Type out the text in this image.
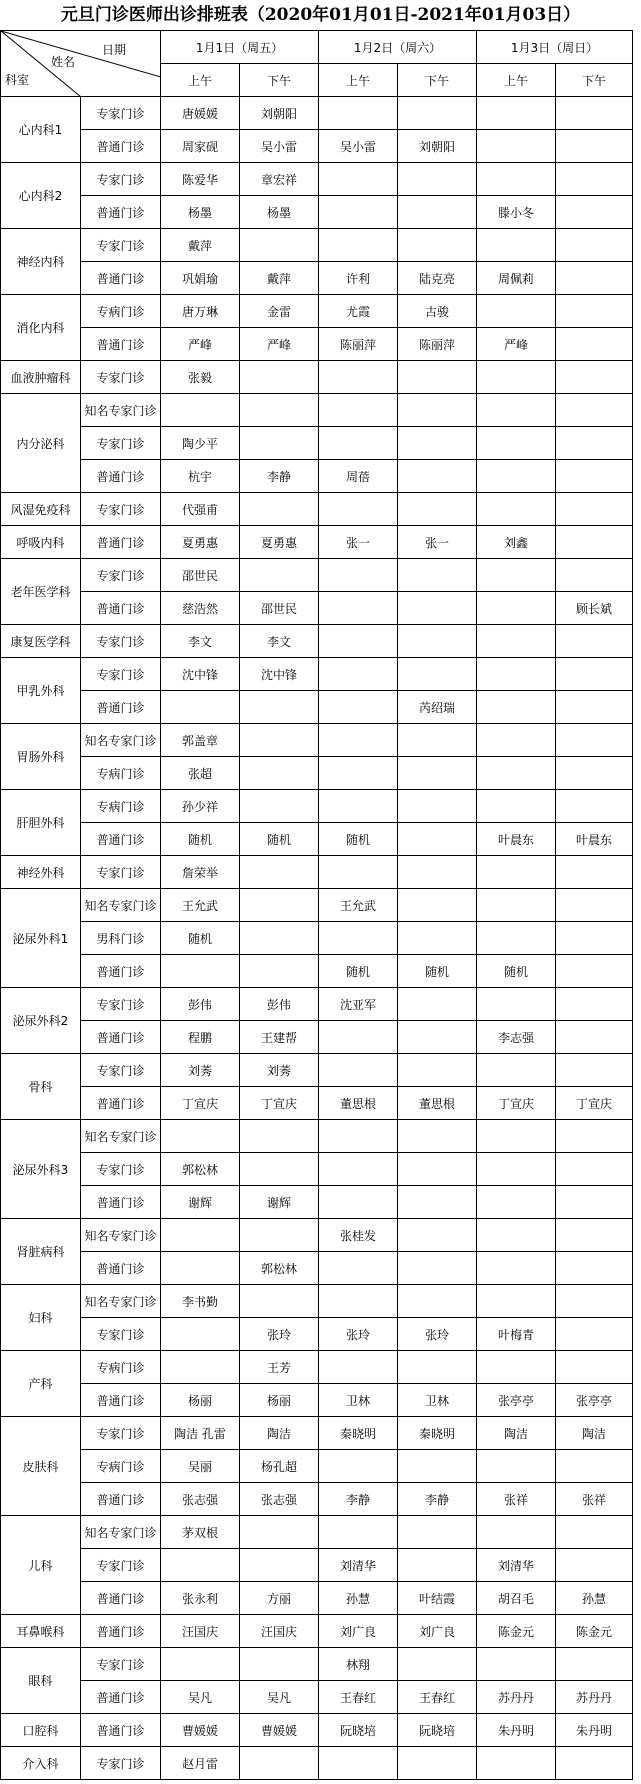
元旦门诊医师出诊排班表（2020年01月01日-2021年01月03日）
日期
姓名
科室		1月1日（周五）		1月2日（周六）		1月3日（周日）	
		上午	下午	上午	下午	上午	下午
心内科1	专家门诊	唐媛媛	刘朝阳				
	普通门诊	周家砚	吴小雷	吴小雷	刘朝阳		
心内科2	专家门诊	陈爱华	章宏祥				
	普通门诊	杨墨	杨墨			滕小冬	
神经内科	专家门诊	戴萍					
	普通门诊	巩娟瑜	戴萍	许利	陆克亮	周佩莉	
消化内科	专病门诊	唐万琳	金雷	尤霞	古骏		
	普通门诊	严峰	严峰	陈丽萍	陈丽萍	严峰	
血液肿瘤科	专家门诊	张毅					
内分泌科	知名专家门诊						
	专家门诊	陶少平					
	普通门诊	杭宇	李静	周蓓			
风湿免疫科	专家门诊	代强甫					
呼吸内科	普通门诊	夏勇惠	夏勇惠	张一	张一	刘鑫	
老年医学科	专家门诊	邵世民					
	普通门诊	慈浩然	邵世民				顾长斌
康复医学科	专家门诊	李文	李文				
甲乳外科	专家门诊	沈中锋	沈中锋				
	普通门诊				芮绍瑞		
胃肠外科	知名专家门诊	郭盖章					
	专病门诊	张超					
肝胆外科	专病门诊	孙少祥					
	普通门诊	随机	随机	随机		叶晨东	叶晨东
神经外科	专家门诊	詹荣举					
泌尿外科1	知名专家门诊	王允武		王允武			
	男科门诊	随机					
	普通门诊			随机	随机	随机	
泌尿外科2	专家门诊	彭伟	彭伟	沈亚军			
	普通门诊	程鹏	王建帮			李志强	
骨科	专家门诊	刘莠	刘莠				
	普通门诊	丁宣庆	丁宣庆	董思根	董思根	丁宣庆	丁宣庆
泌尿外科3	知名专家门诊						
	专家门诊	郭松林					
	普通门诊	谢辉	谢辉				
肾脏病科	知名专家门诊			张桂发			
	普通门诊		郭松林				
妇科	知名专家门诊	李书勤					
	专家门诊		张玲	张玲	张玲	叶梅青	
产科	专病门诊		王芳				
	普通门诊	杨丽	杨丽	卫林	卫林	张亭亭	张亭亭
皮肤科	专家门诊	陶洁 孔雷	陶洁	秦晓明	秦晓明	陶洁	陶洁
	专病门诊	吴丽	杨孔超				
	普通门诊	张志强	张志强	李静	李静	张祥	张祥
儿科	知名专家门诊	茅双根					
	专家门诊			刘清华		刘清华	
	普通门诊	张永利	方丽	孙慧	叶结霞	胡召毛	孙慧
耳鼻喉科	普通门诊	汪国庆	汪国庆	刘广良	刘广良	陈金元	陈金元
眼科	专家门诊			林翔			
	普通门诊	吴凡	吴凡	王春红	王春红	苏丹丹	苏丹丹
口腔科	普通门诊	曹媛媛	曹媛媛	阮晓培	阮晓培	朱丹明	朱丹明
介入科	专家门诊	赵月雷					
